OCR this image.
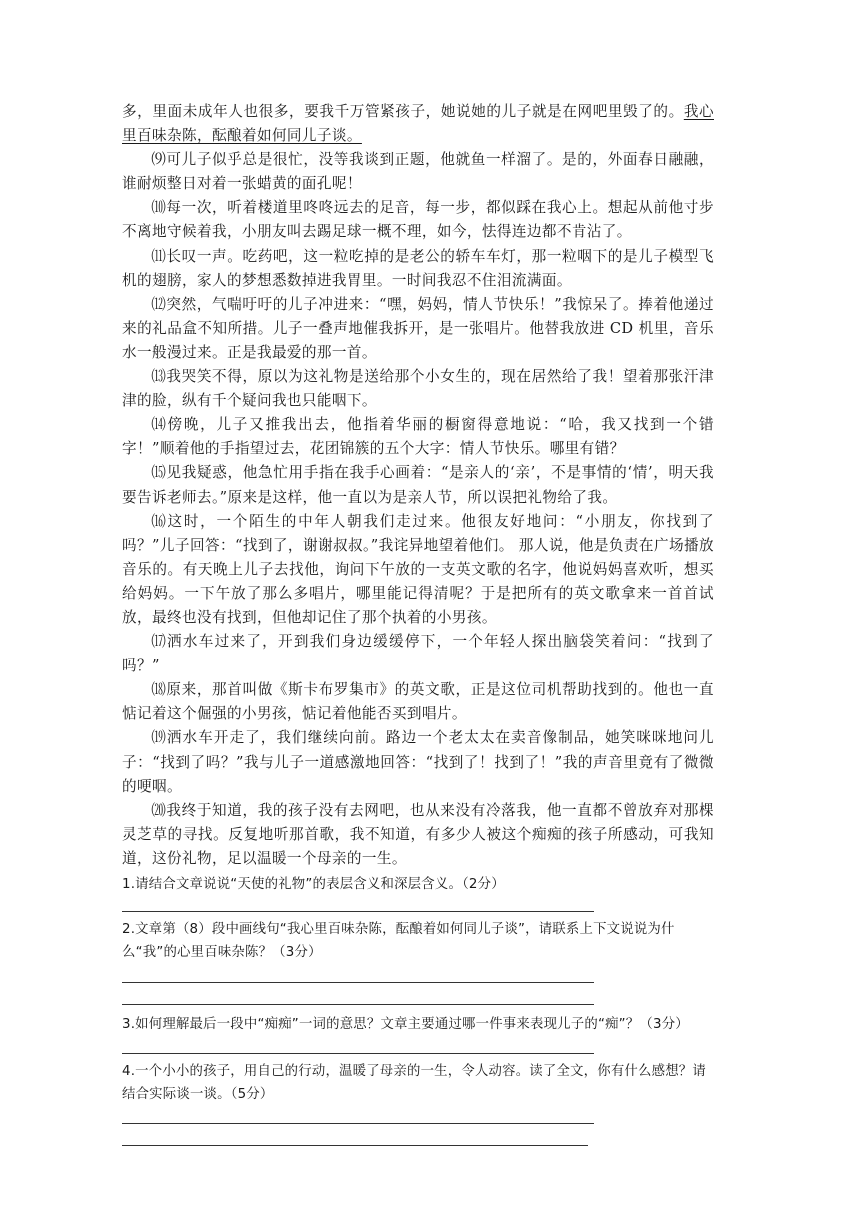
多，里面未成年人也很多，要我千万管紧孩子，她说她的儿子就是在网吧里毁了的。我心里百味杂陈，酝酿着如何同儿子谈。

⑼可儿子似乎总是很忙，没等我谈到正题，他就鱼一样溜了。是的，外面春日融融，谁耐烦整日对着一张蜡黄的面孔呢！

⑽每一次，听着楼道里咚咚远去的足音，每一步，都似踩在我心上。想起从前他寸步不离地守候着我，小朋友叫去踢足球一概不理，如今，怯得连边都不肯沾了。

⑾长叹一声。吃药吧，这一粒吃掉的是老公的轿车车灯，那一粒咽下的是儿子模型飞机的翅膀，家人的梦想悉数掉进我胃里。一时间我忍不住泪流满面。

⑿突然，气喘吁吁的儿子冲进来：“嘿，妈妈，情人节快乐！”我惊呆了。捧着他递过来的礼品盒不知所措。儿子一叠声地催我拆开，是一张唱片。他替我放进 CD 机里，音乐水一般漫过来。正是我最爱的那一首。

⒀我哭笑不得，原以为这礼物是送给那个小女生的，现在居然给了我！望着那张汗津津的脸，纵有千个疑问我也只能咽下。

⒁傍晚，儿子又推我出去，他指着华丽的橱窗得意地说：“哈，我又找到一个错字！”顺着他的手指望过去，花团锦簇的五个大字：情人节快乐。哪里有错？

⒂见我疑惑，他急忙用手指在我手心画着：“是亲人的‘亲’，不是事情的‘情’，明天我要告诉老师去。”原来是这样，他一直以为是亲人节，所以误把礼物给了我。

⒃这时，一个陌生的中年人朝我们走过来。他很友好地问：“小朋友，你找到了吗？”儿子回答：“找到了，谢谢叔叔。”我诧异地望着他们。 那人说，他是负责在广场播放音乐的。有天晚上儿子去找他，询问下午放的一支英文歌的名字，他说妈妈喜欢听，想买给妈妈。一下午放了那么多唱片，哪里能记得清呢？于是把所有的英文歌拿来一首首试放，最终也没有找到，但他却记住了那个执着的小男孩。

⒄洒水车过来了，开到我们身边缓缓停下，一个年轻人探出脑袋笑着问：“找到了吗？”

⒅原来，那首叫做《斯卡布罗集市》的英文歌，正是这位司机帮助找到的。他也一直惦记着这个倔强的小男孩，惦记着他能否买到唱片。

⒆洒水车开走了，我们继续向前。路边一个老太太在卖音像制品，她笑咪咪地问儿子：“找到了吗？”我与儿子一道感激地回答：“找到了！找到了！”我的声音里竟有了微微的哽咽。

⒇我终于知道，我的孩子没有去网吧，也从来没有冷落我，他一直都不曾放弃对那棵灵芝草的寻找。反复地听那首歌，我不知道，有多少人被这个痴痴的孩子所感动，可我知道，这份礼物，足以温暖一个母亲的一生。

1.请结合文章说说“天使的礼物”的表层含义和深层含义。（2分）

2.文章第（8）段中画线句“我心里百味杂陈，酝酿着如何同儿子谈”，请联系上下文说说为什么“我”的心里百味杂陈？（3分）

3.如何理解最后一段中“痴痴”一词的意思？文章主要通过哪一件事来表现儿子的“痴”？（3分）

4.一个小小的孩子，用自己的行动，温暖了母亲的一生，令人动容。读了全文，你有什么感想？请结合实际谈一谈。（5分）
